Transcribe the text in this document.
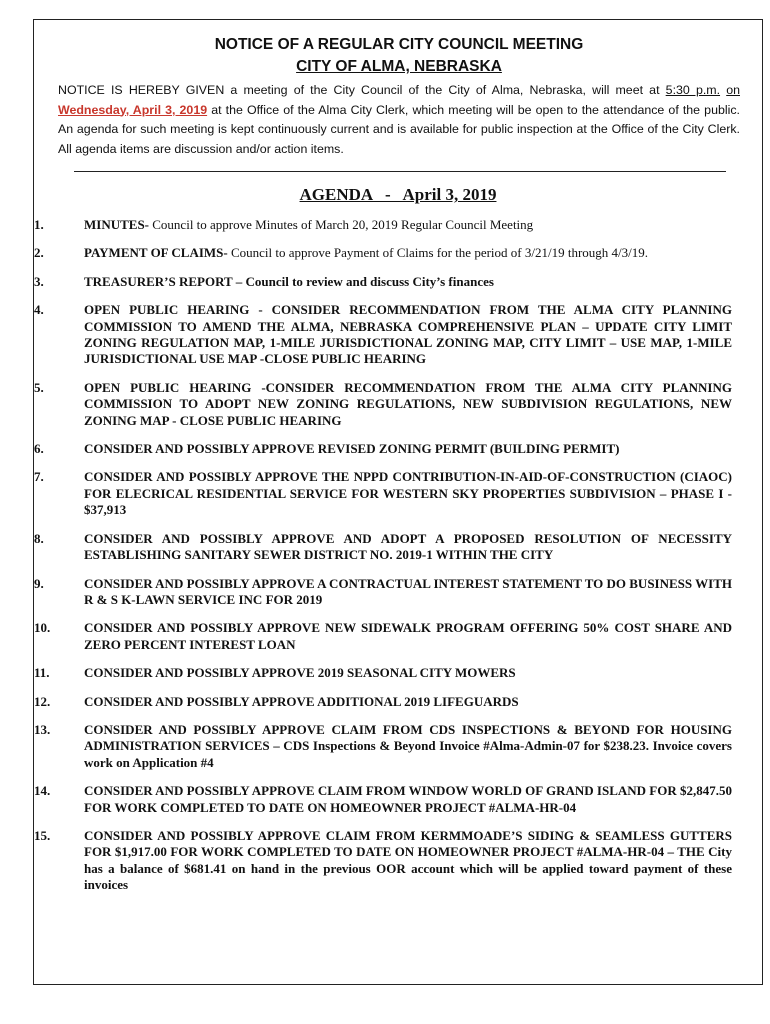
NOTICE OF A REGULAR CITY COUNCIL MEETING
CITY OF ALMA, NEBRASKA
NOTICE IS HEREBY GIVEN a meeting of the City Council of the City of Alma, Nebraska, will meet at 5:30 p.m. on Wednesday, April 3, 2019 at the Office of the Alma City Clerk, which meeting will be open to the attendance of the public. An agenda for such meeting is kept continuously current and is available for public inspection at the Office of the City Clerk. All agenda items are discussion and/or action items.
AGENDA   -   April 3, 2019
1.	MINUTES- Council to approve Minutes of March 20, 2019 Regular Council Meeting
2.	PAYMENT OF CLAIMS- Council to approve Payment of Claims for the period of 3/21/19 through 4/3/19.
3.	TREASURER’S REPORT – Council to review and discuss City’s finances
4.	OPEN PUBLIC HEARING - CONSIDER RECOMMENDATION FROM THE ALMA CITY PLANNING COMMISSION TO AMEND THE ALMA, NEBRASKA COMPREHENSIVE PLAN – UPDATE CITY LIMIT ZONING REGULATION MAP, 1-MILE JURISDICTIONAL ZONING MAP, CITY LIMIT – USE MAP, 1-MILE JURISDICTIONAL USE MAP -CLOSE PUBLIC HEARING
5.	OPEN PUBLIC HEARING -CONSIDER RECOMMENDATION FROM THE ALMA CITY PLANNING COMMISSION TO ADOPT NEW ZONING REGULATIONS, NEW SUBDIVISION REGULATIONS, NEW ZONING MAP - CLOSE PUBLIC HEARING
6.	CONSIDER AND POSSIBLY APPROVE REVISED ZONING PERMIT (BUILDING PERMIT)
7.	CONSIDER AND POSSIBLY APPROVE THE NPPD CONTRIBUTION-IN-AID-OF-CONSTRUCTION (CIAOC) FOR ELECRICAL RESIDENTIAL SERVICE FOR WESTERN SKY PROPERTIES SUBDIVISION – PHASE I - $37,913
8.	CONSIDER AND POSSIBLY APPROVE AND ADOPT A PROPOSED RESOLUTION OF NECESSITY ESTABLISHING SANITARY SEWER DISTRICT NO. 2019-1 WITHIN THE CITY
9.	CONSIDER AND POSSIBLY APPROVE A CONTRACTUAL INTEREST STATEMENT TO DO BUSINESS WITH R & S K-LAWN SERVICE INC FOR 2019
10.	CONSIDER AND POSSIBLY APPROVE NEW SIDEWALK PROGRAM OFFERING 50% COST SHARE AND ZERO PERCENT INTEREST LOAN
11.	CONSIDER AND POSSIBLY APPROVE 2019 SEASONAL CITY MOWERS
12.	CONSIDER AND POSSIBLY APPROVE ADDITIONAL 2019 LIFEGUARDS
13.	CONSIDER AND POSSIBLY APPROVE CLAIM FROM CDS INSPECTIONS & BEYOND FOR HOUSING ADMINISTRATION SERVICES – CDS Inspections & Beyond Invoice #Alma-Admin-07 for $238.23. Invoice covers work on Application #4
14.	CONSIDER AND POSSIBLY APPROVE CLAIM FROM WINDOW WORLD OF GRAND ISLAND FOR $2,847.50 FOR WORK COMPLETED TO DATE ON HOMEOWNER PROJECT #ALMA-HR-04
15.	CONSIDER AND POSSIBLY APPROVE CLAIM FROM KERMMOADE’S SIDING & SEAMLESS GUTTERS FOR $1,917.00 FOR WORK COMPLETED TO DATE ON HOMEOWNER PROJECT #ALMA-HR-04 – THE City has a balance of $681.41 on hand in the previous OOR account which will be applied toward payment of these invoices
